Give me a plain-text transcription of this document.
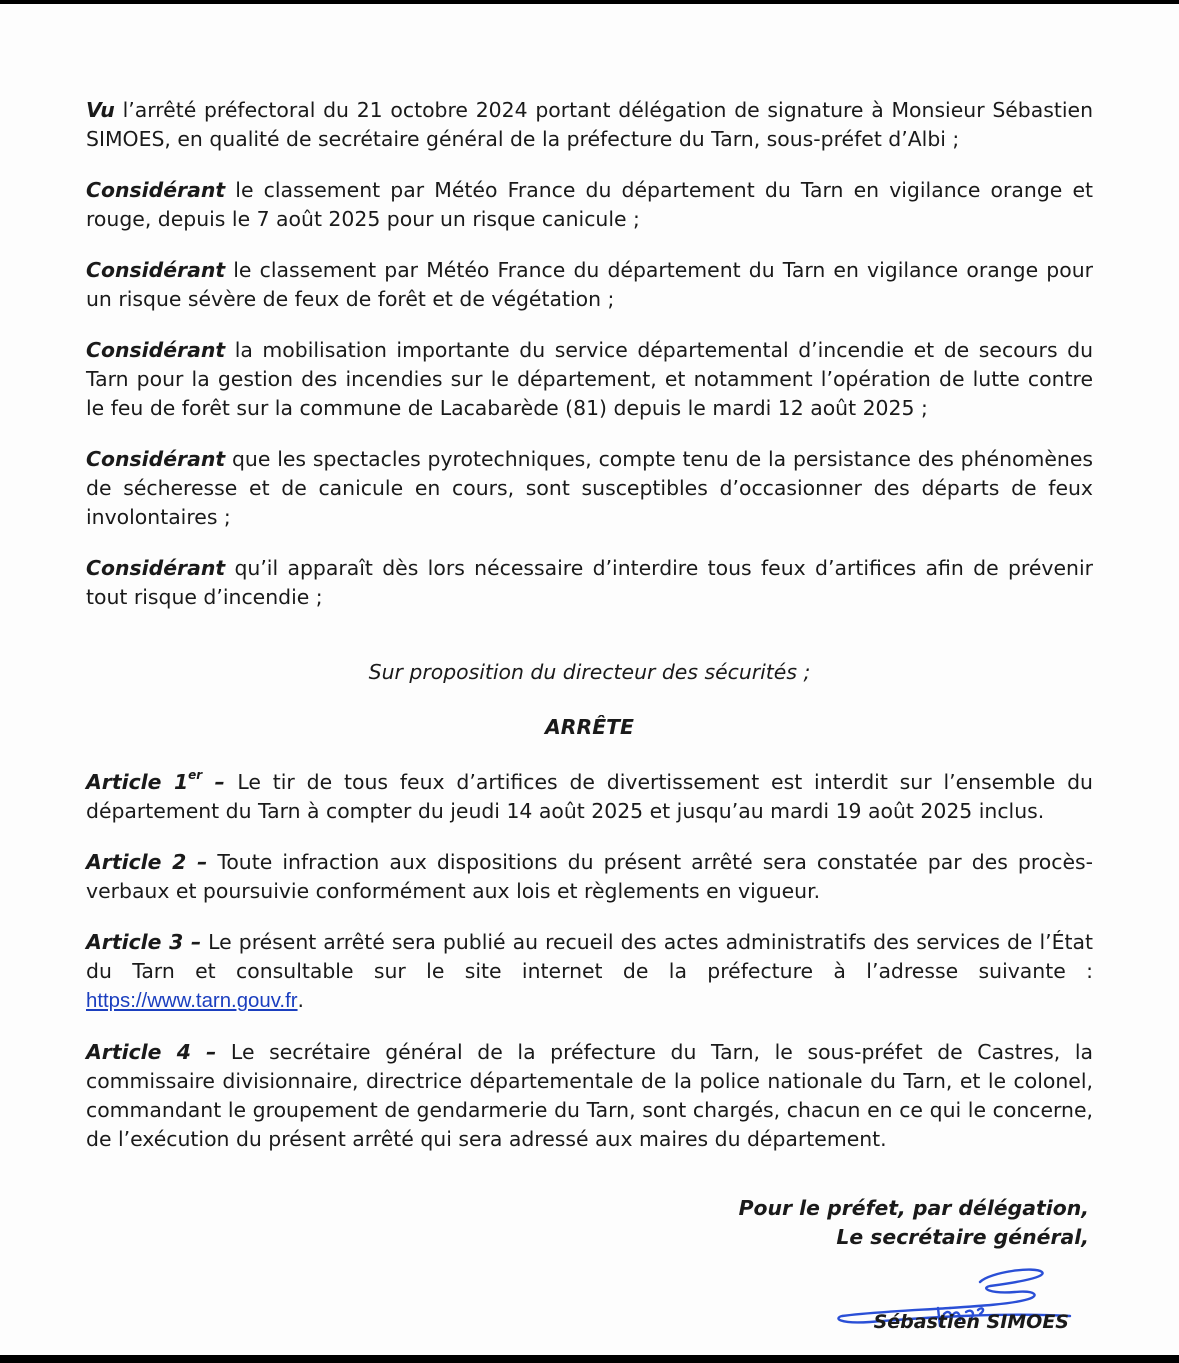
Vu l’arrêté préfectoral du 21 octobre 2024 portant délégation de signature à Monsieur Sébastien SIMOES, en qualité de secrétaire général de la préfecture du Tarn, sous-préfet d’Albi ;

Considérant le classement par Météo France du département du Tarn en vigilance orange et rouge, depuis le 7 août 2025 pour un risque canicule ;

Considérant le classement par Météo France du département du Tarn en vigilance orange pour un risque sévère de feux de forêt et de végétation ;

Considérant la mobilisation importante du service départemental d’incendie et de secours du Tarn pour la gestion des incendies sur le département, et notamment l’opération de lutte contre le feu de forêt sur la commune de Lacabarède (81) depuis le mardi 12 août 2025 ;

Considérant que les spectacles pyrotechniques, compte tenu de la persistance des phénomènes de sécheresse et de canicule en cours, sont susceptibles d’occasionner des départs de feux involontaires ;

Considérant qu’il apparaît dès lors nécessaire d’interdire tous feux d’artifices afin de prévenir tout risque d’incendie ;

Sur proposition du directeur des sécurités ;
ARRÊTE

Article 1er – Le tir de tous feux d’artifices de divertissement est interdit sur l’ensemble du département du Tarn à compter du jeudi 14 août 2025 et jusqu’au mardi 19 août 2025 inclus.

Article 2 – Toute infraction aux dispositions du présent arrêté sera constatée par des procès-verbaux et poursuivie conformément aux lois et règlements en vigueur.

Article 3 – Le présent arrêté sera publié au recueil des actes administratifs des services de l’État du Tarn et consultable sur le site internet de la préfecture à l’adresse suivante : https://www.tarn.gouv.fr.

Article 4 – Le secrétaire général de la préfecture du Tarn, le sous-préfet de Castres, la commissaire divisionnaire, directrice départementale de la police nationale du Tarn, et le colonel, commandant le groupement de gendarmerie du Tarn, sont chargés, chacun en ce qui le concerne, de l’exécution du présent arrêté qui sera adressé aux maires du département.

Pour le préfet, par délégation,
Le secrétaire général,
Sébastien SIMOES
